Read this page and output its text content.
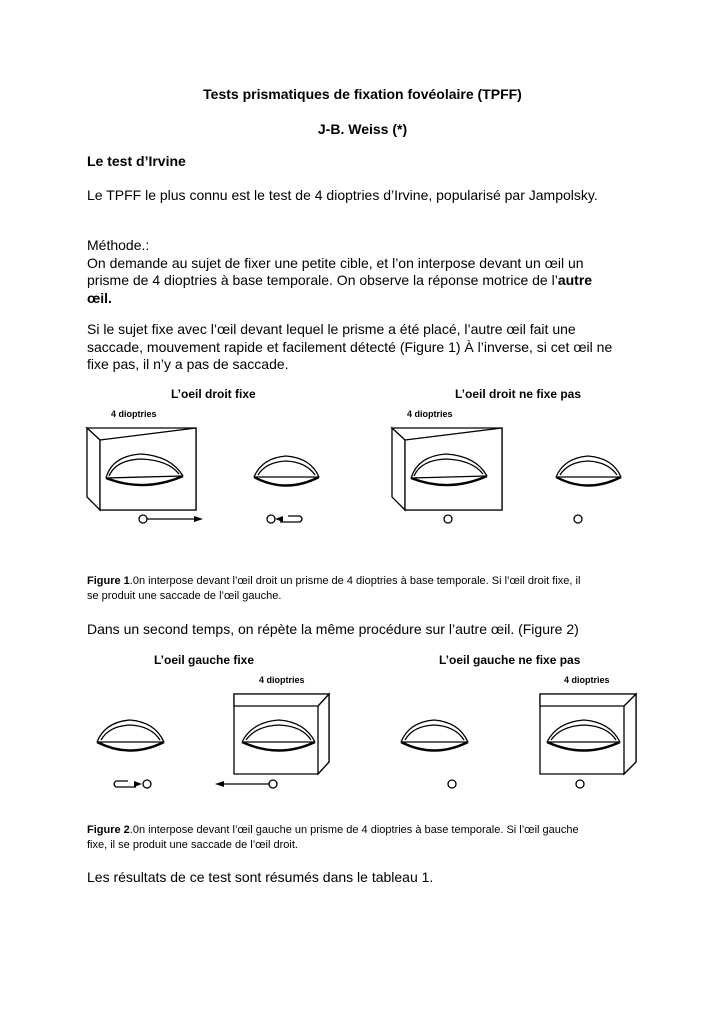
Tests prismatiques de fixation fovéolaire (TPFF)
J-B. Weiss (*)
Le test d’Irvine
Le TPFF le plus connu est le test de 4 dioptries d’Irvine, popularisé par Jampolsky.
Méthode.:
On demande au sujet de fixer une petite cible, et l’on interpose devant un œil un
prisme de 4 dioptries à base temporale. On observe la réponse motrice de l’autre
œil.
Si le sujet fixe avec l’œil devant lequel le prisme a été placé, l’autre œil fait une
saccade, mouvement rapide et facilement détecté (Figure 1) À l’inverse, si cet œil ne
fixe pas, il n’y a pas de saccade.
L’oeil droit fixe	L’oeil droit ne fixe pas
4 dioptries	4 dioptries
Figure 1.0n interpose devant l’œil droit un prisme de 4 dioptries à base temporale. Si l’œil droit fixe, il
se produit une saccade de l’œil gauche.
Dans un second temps, on répète la même procédure sur l’autre œil. (Figure 2)
L’oeil gauche fixe	L’oeil gauche ne fixe pas
4 dioptries	4 dioptries
Figure 2.0n interpose devant l’œil gauche un prisme de 4 dioptries à base temporale. Si l’œil gauche
fixe, il se produit une saccade de l’œil droit.
Les résultats de ce test sont résumés dans le tableau 1.
